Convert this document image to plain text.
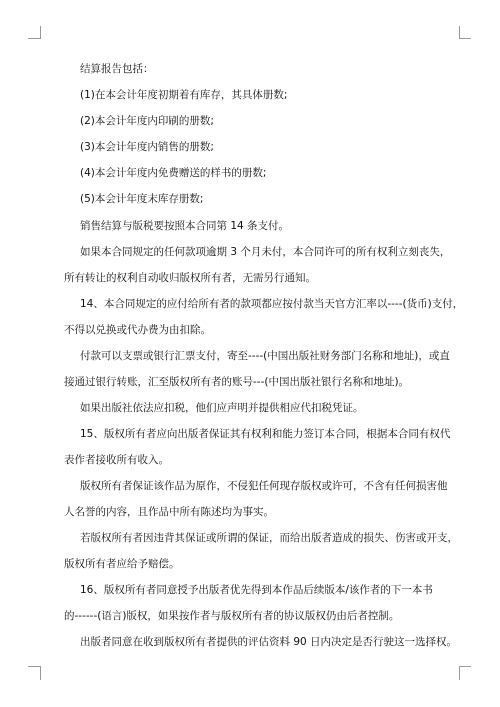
结算报告包括：
(1)在本会计年度初期着有库存，其具体册数;
(2)本会计年度内印刷的册数;
(3)本会计年度内销售的册数;
(4)本会计年度内免费赠送的样书的册数;
(5)本会计年度末库存册数;
销售结算与版税要按照本合同第 14 条支付。
如果本合同规定的任何款项逾期 3 个月未付，本合同许可的所有权利立刻丧失，
所有转让的权利自动收归版权所有者，无需另行通知。
14、本合同规定的应付给所有者的款项都应按付款当天官方汇率以----(货币)支付，
不得以兑换或代办费为由扣除。
付款可以支票或银行汇票支付，寄至----(中国出版社财务部门名称和地址)，或直
接通过银行转账，汇至版权所有者的账号---(中国出版社银行名称和地址)。
如果出版社依法应扣税，他们应声明并提供相应代扣税凭证。
15、版权所有者应向出版者保证其有权利和能力签订本合同，根据本合同有权代
表作者接收所有收入。
版权所有者保证该作品为原作，不侵犯任何现存版权或许可，不含有任何损害他
人名誉的内容，且作品中所有陈述均为事实。
若版权所有者因违背其保证或所谓的保证，而给出版者造成的损失、伤害或开支，
版权所有者应给予赔偿。
16、版权所有者同意授予出版者优先得到本作品后续版本/该作者的下一本书
的------(语言)版权，如果按作者与版权所有者的协议版权仍由后者控制。
出版者同意在收到版权所有者提供的评估资料 90 日内决定是否行驶这一选择权。
